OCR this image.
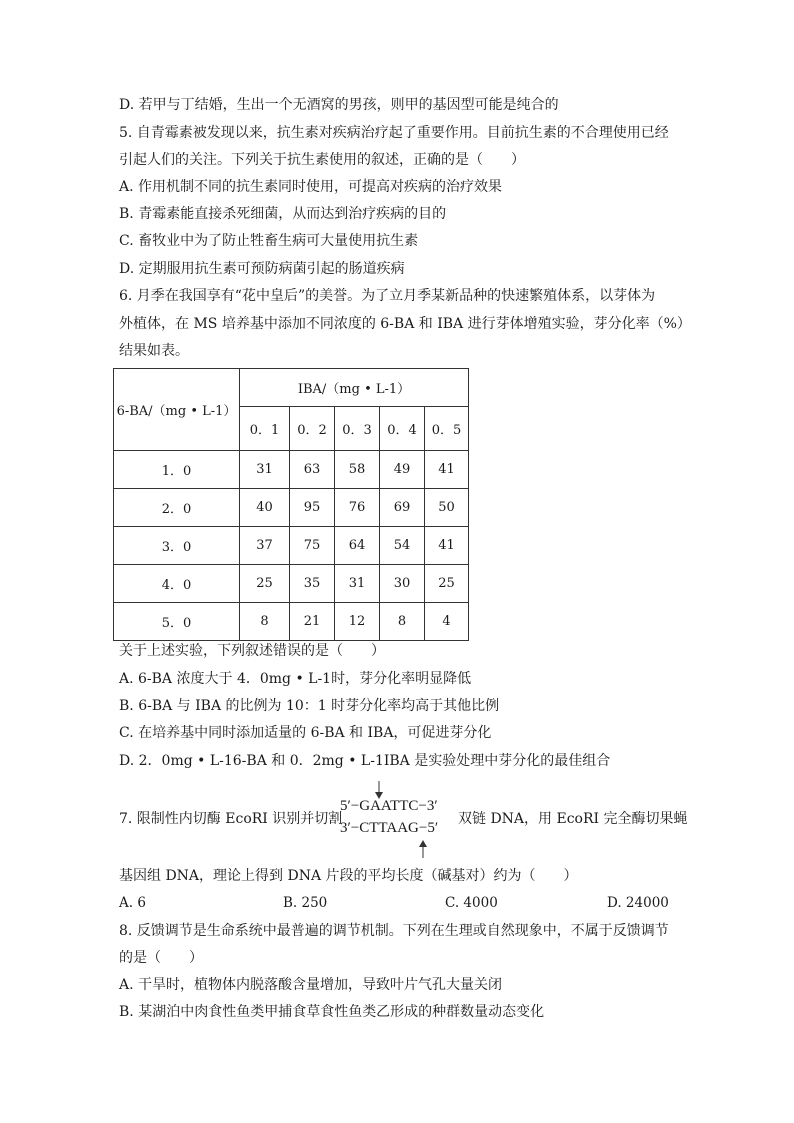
D. 若甲与丁结婚，生出一个无酒窝的男孩，则甲的基因型可能是纯合的
5. 自青霉素被发现以来，抗生素对疾病治疗起了重要作用。目前抗生素的不合理使用已经
引起人们的关注。下列关于抗生素使用的叙述，正确的是（　　）
A. 作用机制不同的抗生素同时使用，可提高对疾病的治疗效果
B. 青霉素能直接杀死细菌，从而达到治疗疾病的目的
C. 畜牧业中为了防止牲畜生病可大量使用抗生素
D. 定期服用抗生素可预防病菌引起的肠道疾病
6. 月季在我国享有“花中皇后”的美誉。为了立月季某新品种的快速繁殖体系，以芽体为
外植体，在 MS 培养基中添加不同浓度的 6-BA 和 IBA 进行芽体增殖实验，芽分化率（%）
结果如表。
6-BA/（mg • L-1）	IBA/（mg • L-1）				
	0．1	0．2	0．3	0．4	0．5
1．0	31	63	58	49	41
2．0	40	95	76	69	50
3．0	37	75	64	54	41
4．0	25	35	31	30	25
5．0	8	21	12	8	4
关于上述实验，下列叙述错误的是（　　）
A. 6-BA 浓度大于 4．0mg • L-1时，芽分化率明显降低
B. 6-BA 与 IBA 的比例为 10：1 时芽分化率均高于其他比例
C. 在培养基中同时添加适量的 6-BA 和 IBA，可促进芽分化
D. 2．0mg • L-16-BA 和 0．2mg • L-1IBA 是实验处理中芽分化的最佳组合
7. 限制性内切酶 EcoRI 识别并切割
5′−GAATTC−3′
3′−CTTAAG−5′
双链 DNA，用 EcoRI 完全酶切果蝇
基因组 DNA，理论上得到 DNA 片段的平均长度（碱基对）约为（　　）
A. 6	B. 250	C. 4000	D. 24000
8. 反馈调节是生命系统中最普遍的调节机制。下列在生理或自然现象中，不属于反馈调节
的是（　　）
A. 干旱时，植物体内脱落酸含量增加，导致叶片气孔大量关闭
B. 某湖泊中肉食性鱼类甲捕食草食性鱼类乙形成的种群数量动态变化
